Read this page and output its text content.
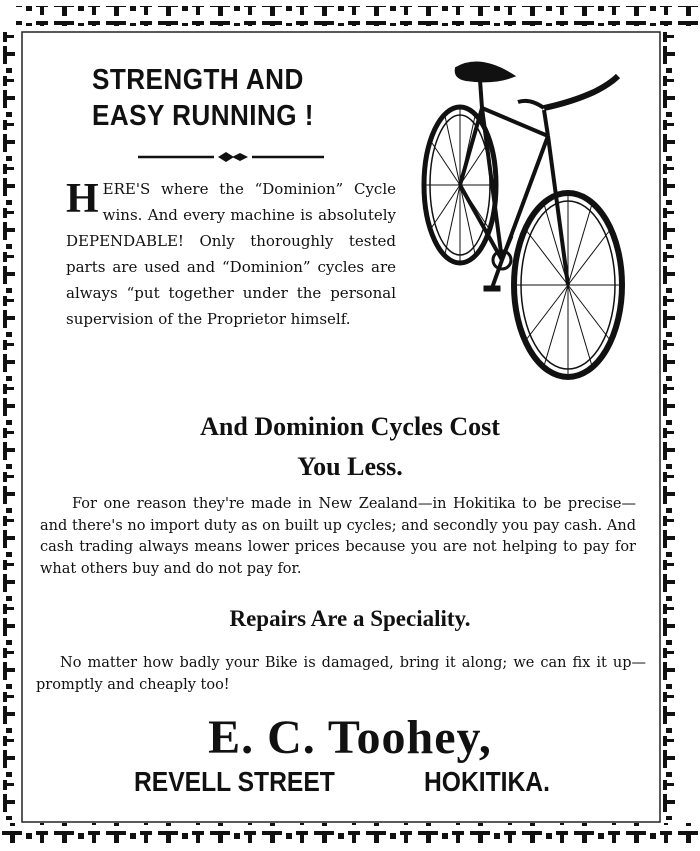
STRENGTH AND
EASY RUNNING !
HERE'S where the “Dominion” Cycle wins. And every machine is absolutely DEPENDABLE! Only thoroughly tested parts are used and “Dominion” cycles are always “put together under the personal supervision of the Proprietor himself.
And Dominion Cycles Cost
You Less.

For one reason they're made in New Zealand—in Hokitika to be precise—and there's no import duty as on built up cycles; and secondly you pay cash. And cash trading always means lower prices because you are not helping to pay for what others buy and do not pay for.

Repairs Are a Speciality.

No matter how badly your Bike is damaged, bring it along; we can fix it up—promptly and cheaply too!

E. C. Toohey,
REVELL STREET	HOKITIKA.
